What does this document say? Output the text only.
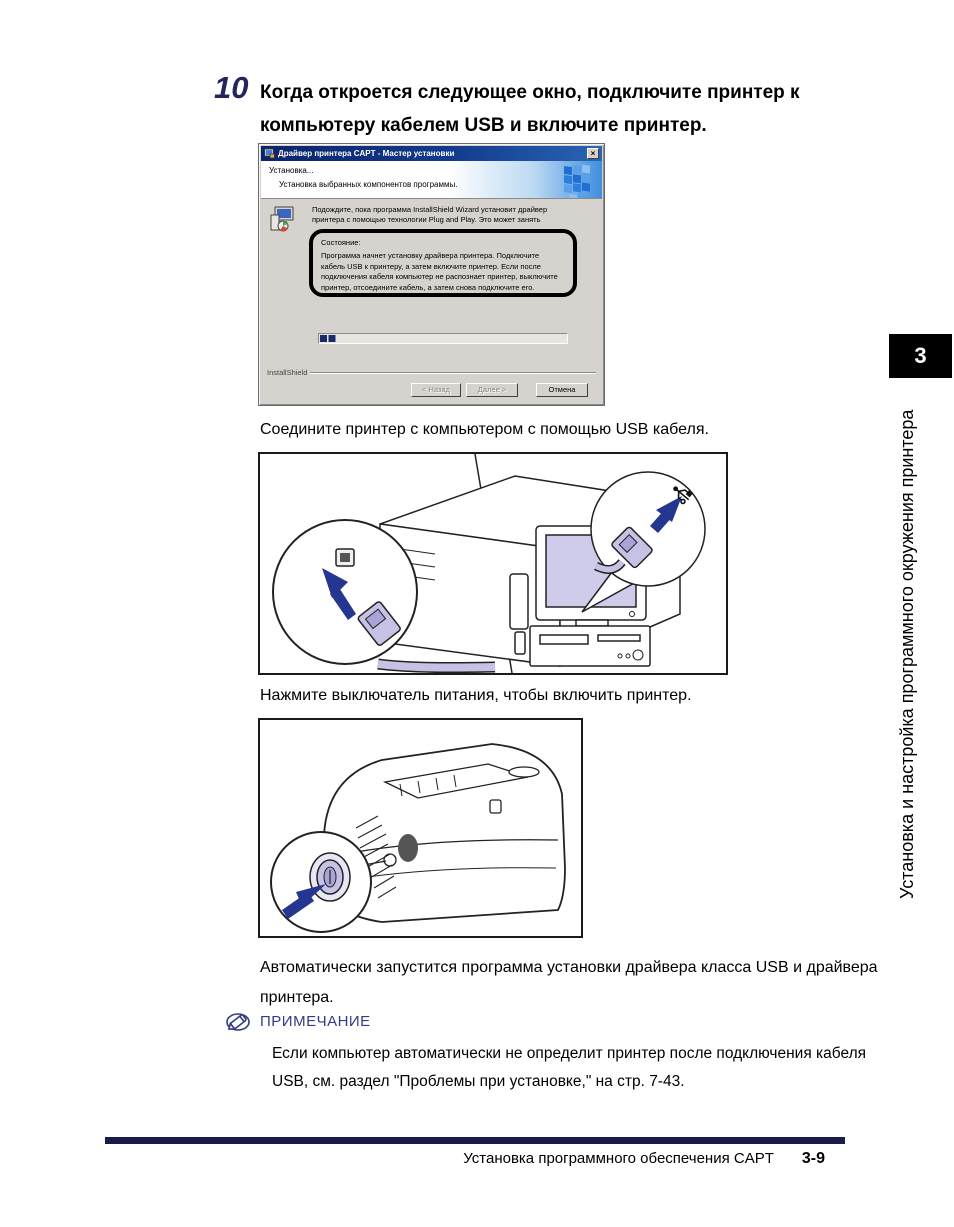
10 Когда откроется следующее окно, подключите принтер к компьютеру кабелем USB и включите принтер.
Драйвер принтера CAPT - Мастер установки	×
Установка...
Установка выбранных компонентов программы.
Подождите, пока программа InstallShield Wizard установит драйвер принтера с помощью технологии Plug and Play. Это может занять
Состояние:
Программа начнет установку драйвера принтера. Подключите кабель USB к принтеру, а затем включите принтер. Если после подключения кабеля компьютер не распознает принтер, выключите принтер, отсоедините кабель, а затем снова подключите его.
InstallShield
< Назад	Далее >	Отмена
Соедините принтер с компьютером с помощью USB кабеля.
Нажмите выключатель питания, чтобы включить принтер.
Автоматически запустится программа установки драйвера класса USB и драйвера принтера.
ПРИМЕЧАНИЕ
Если компьютер автоматически не определит принтер после подключения кабеля USB, см. раздел "Проблемы при установке," на стр. 7-43.
Установка программного обеспечения CAPT 3-9
3
Установка и настройка программного окружения принтера
